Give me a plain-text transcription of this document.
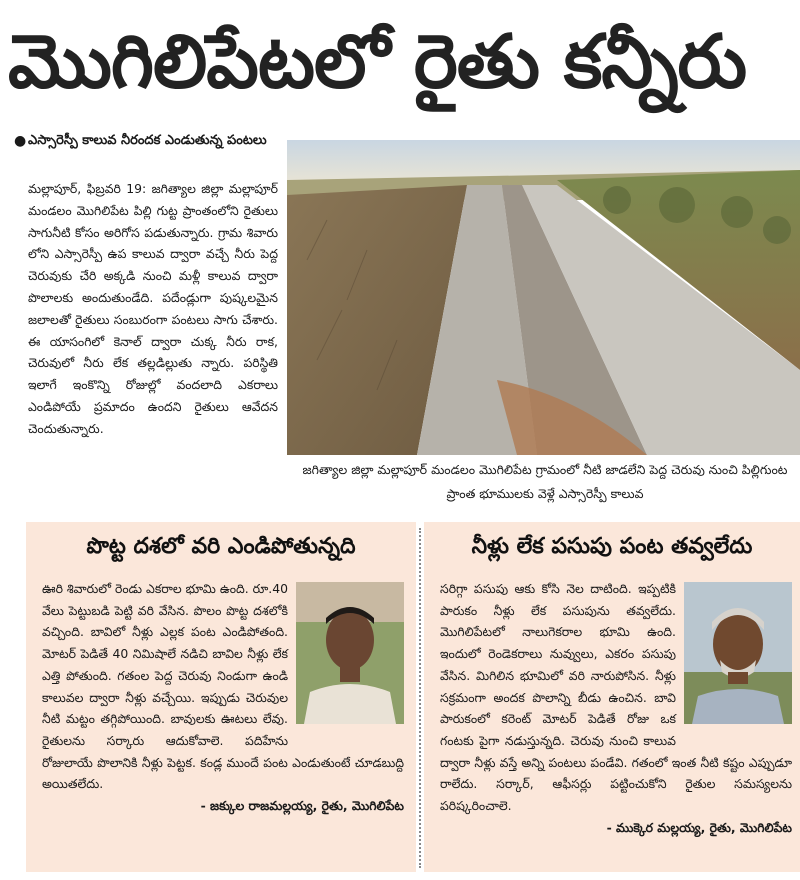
మొగిలిపేటలో రైతు కన్నీరు
● ఎస్సారెస్పీ కాలువ నీరందక ఎండుతున్న పంటలు
మల్లాపూర్, ఫిబ్రవరి 19: జగిత్యాల జిల్లా మల్లాపూర్ మండలం మొగిలిపేట పిల్లి గుట్ట ప్రాంతంలోని రైతులు సాగునీటి కోసం అరిగోస పడుతున్నారు. గ్రామ శివారు లోని ఎస్సారెస్పీ ఉప కాలువ ద్వారా వచ్చే నీరు పెద్ద చెరువుకు చేరి అక్కడి నుంచి మళ్లీ కాలువ ద్వారా పొలాలకు అందుతుండేది. పదేండ్లుగా పుష్కలమైన జలాలతో రైతులు సంబురంగా పంటలు సాగు చేశారు. ఈ యాసంగిలో కెనాల్ ద్వారా చుక్క నీరు రాక, చెరువులో నీరు లేక తల్లడిల్లుతు న్నారు. పరిస్థితి ఇలాగే ఇంకొన్ని రోజుల్లో వందలాది ఎకరాలు ఎండిపోయే ప్రమాదం ఉందని రైతులు ఆవేదన చెందుతున్నారు.
జగిత్యాల జిల్లా మల్లాపూర్ మండలం మొగిలిపేట గ్రామంలో నీటి జాడలేని పెద్ద చెరువు నుంచి పిల్లిగుంట ప్రాంత భూములకు వెళ్లే ఎస్సారెస్పీ కాలువ
పొట్ట దశలో వరి ఎండిపోతున్నది
ఊరి శివారులో రెండు ఎకరాల భూమి ఉంది. రూ.40 వేలు పెట్టుబడి పెట్టి వరి వేసిన. పొలం పొట్ట దశలోకి వచ్చింది. బావిలో నీళ్లు ఎల్లక పంట ఎండిపోతంది. మోటర్ పెడితే 40 నిమిషాలే నడిచి బావిల నీళ్లు లేక ఎత్తి పోతుంది. గతంల పెద్ద చెరువు నిండుగా ఉండి కాలువల ద్వారా నీళ్లు వచ్చేయి. ఇప్పుడు చెరువుల నీటి మట్టం తగ్గిపోయింది. బావులకు ఊటలు లేవు. రైతులను సర్కారు ఆదుకోవాలె. పదిహేను రోజులాయే పొలానికి నీళ్లు పెట్టక. కండ్ల ముందే పంట ఎండుతుంటే చూడబుద్ది అయితలేదు.
- జక్కుల రాజమల్లయ్య, రైతు, మొగిలిపేట
నీళ్లు లేక పసుపు పంట తవ్వలేదు
సరిగ్గా పసుపు ఆకు కోసి నెల దాటింది. ఇప్పటికి పారుకం నీళ్లు లేక పసుపును తవ్వలేదు. మొగిలిపేటలో నాలుగెకరాల భూమి ఉంది. ఇందులో రెండెకరాలు నువ్వులు, ఎకరం పసుపు వేసిన. మిగిలిన భూమిలో వరి నారుపోసిన. నీళ్లు సక్రమంగా అందక పొలాన్ని బీడు ఉంచిన. బావి పారుకంలో కరెంట్ మోటర్ పెడితే రోజు ఒక గంటకు పైగా నడుస్తున్నది. చెరువు నుంచి కాలువ ద్వారా నీళ్లు వస్తే అన్ని పంటలు పండేవి. గతంలో ఇంత నీటి కష్టం ఎప్పుడూ రాలేదు. సర్కార్, ఆఫీసర్లు పట్టించుకోని రైతుల సమస్యలను పరిష్కరించాలె.
- ముక్కెర మల్లయ్య, రైతు, మొగిలిపేట
